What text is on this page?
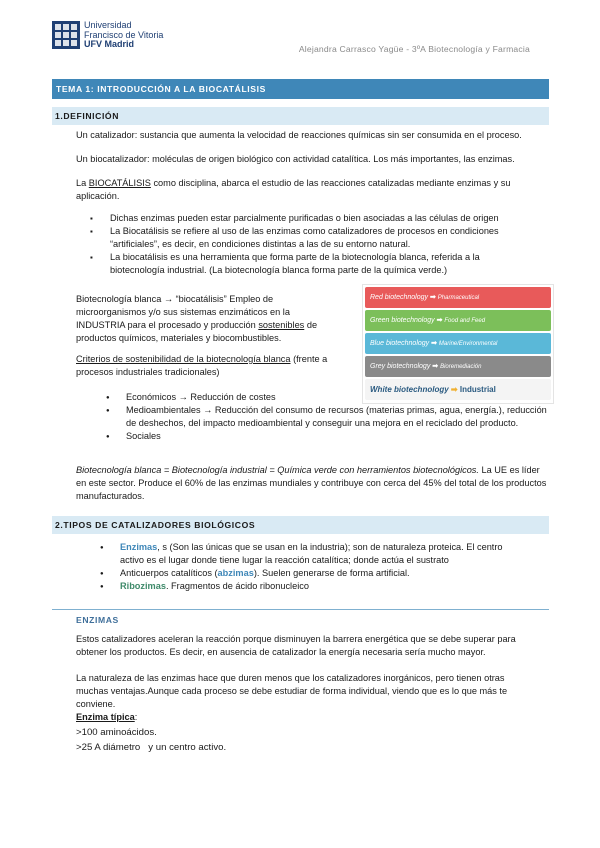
Universidad
Francisco de Vitoria
UFV Madrid	Alejandra Carrasco Yagüe - 3ºA Biotecnología y Farmacia
TEMA 1: INTRODUCCIÓN A LA BIOCATÁLISIS
1.DEFINICIÓN
Un catalizador: sustancia que aumenta la velocidad de reacciones químicas sin ser consumida en el proceso.
Un biocatalizador: moléculas de origen biológico con actividad catalítica. Los más importantes, las enzimas.
La BIOCATÁLISIS como disciplina, abarca el estudio de las reacciones catalizadas mediante enzimas y su aplicación.
▪ Dichas enzimas pueden estar parcialmente purificadas o bien asociadas a las células de origen
▪ La Biocatálisis se refiere al uso de las enzimas como catalizadores de procesos en condiciones “artificiales”, es decir, en condiciones distintas a las de su entorno natural.
▪ La biocatálisis es una herramienta que forma parte de la biotecnología blanca, referida a la biotecnología industrial. (La biotecnología blanca forma parte de la química verde.)
Biotecnología blanca → “biocatálisis” Empleo de microorganismos y/o sus sistemas enzimáticos en la INDUSTRIA para el procesado y producción sostenibles de productos químicos, materiales y biocombustibles.
Red biotechnology ➡ Pharmaceutical
Green biotechnology ➡ Food and Feed
Blue biotechnology ➡ Marine/Environmental
Grey biotechnology ➡ Bioremediación
White biotechnology ➡ Industrial
Criterios de sostenibilidad de la biotecnología blanca (frente a procesos industriales tradicionales)
● Económicos → Reducción de costes
● Medioambientales → Reducción del consumo de recursos (materias primas, agua, energía.), reducción de deshechos, del impacto medioambiental y conseguir una mejora en el reciclado del producto.
● Sociales
Biotecnología blanca = Biotecnología industrial = Química verde con herramientos biotecnológicos. La UE es líder en este sector. Produce el 60% de las enzimas mundiales y contribuye con cerca del 45% del total de los productos manufacturados.
2.TIPOS DE CATALIZADORES BIOLÓGICOS
● Enzimas, s (Son las únicas que se usan en la industria); son de naturaleza proteica. El centro activo es el lugar donde tiene lugar la reacción catalítica; donde actúa el sustrato
● Anticuerpos catalíticos (abzimas). Suelen generarse de forma artificial.
● Ribozimas. Fragmentos de ácido ribonucleico
ENZIMAS
Estos catalizadores aceleran la reacción porque disminuyen la barrera energética que se debe superar para obtener los productos. Es decir, en ausencia de catalizador la energía necesaria sería mucho mayor.
La naturaleza de las enzimas hace que duren menos que los catalizadores inorgánicos, pero tienen otras muchas ventajas.Aunque cada proceso se debe estudiar de forma individual, viendo que es lo que más te conviene.
Enzima típica:
>100 aminoácidos.
>25 A diámetro   y un centro activo.
